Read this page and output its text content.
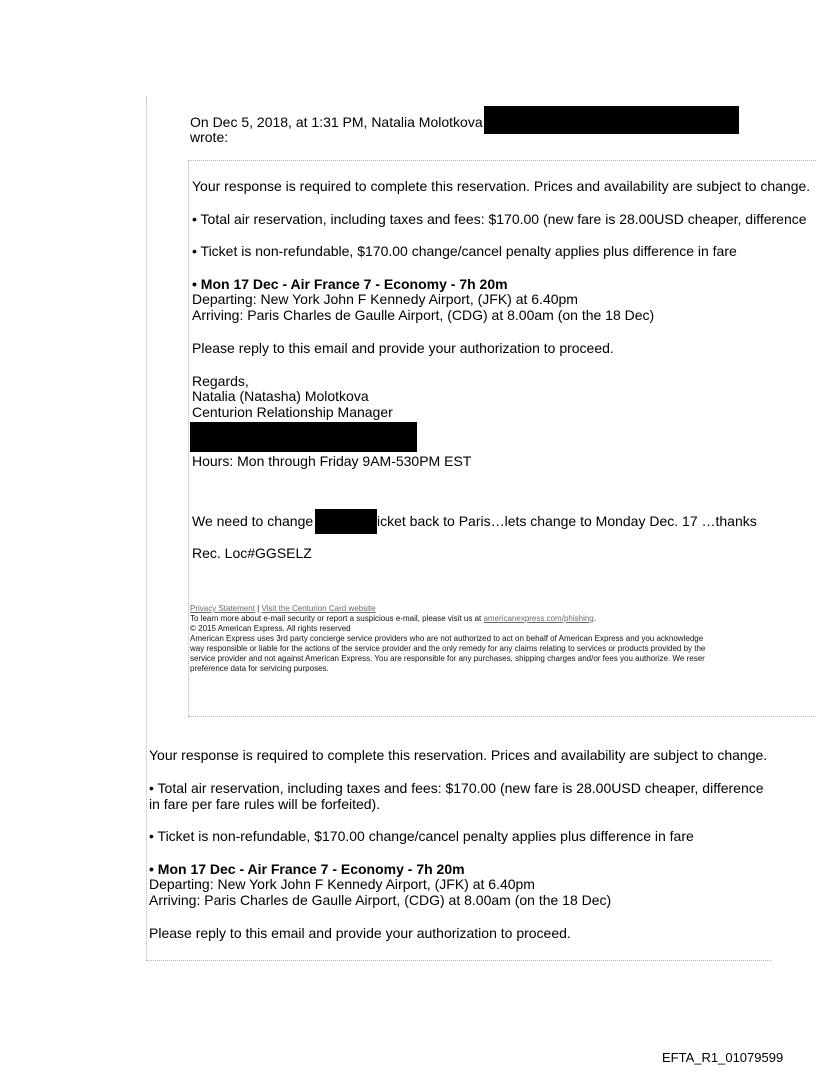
On Dec 5, 2018, at 1:31 PM, Natalia Molotkova
wrote:
Your response is required to complete this reservation. Prices and availability are subject to change.
• Total air reservation, including taxes and fees: $170.00 (new fare is 28.00USD cheaper, difference
• Ticket is non-refundable, $170.00 change/cancel penalty applies plus difference in fare
• Mon 17 Dec - Air France 7 - Economy - 7h 20m
Departing: New York John F Kennedy Airport, (JFK) at 6.40pm
Arriving: Paris Charles de Gaulle Airport, (CDG) at 8.00am (on the 18 Dec)
Please reply to this email and provide your authorization to proceed.
Regards,
Natalia (Natasha) Molotkova
Centurion Relationship Manager
Hours: Mon through Friday 9AM-530PM EST
We need to change	icket back to Paris…lets change to Monday Dec. 17 …thanks
Rec. Loc#GGSELZ
Privacy Statement | Visit the Centurion Card website
To learn more about e-mail security or report a suspicious e-mail, please visit us at americanexpress.com/phishing.
© 2015 American Express. All rights reserved
American Express uses 3rd party concierge service providers who are not authorized to act on behalf of American Express and you acknowledge
way responsible or liable for the actions of the service provider and the only remedy for any claims relating to services or products provided by the
service provider and not against American Express. You are responsible for any purchases, shipping charges and/or fees you authorize. We reser
preference data for servicing purposes.
Your response is required to complete this reservation. Prices and availability are subject to change.
• Total air reservation, including taxes and fees: $170.00 (new fare is 28.00USD cheaper, difference
in fare per fare rules will be forfeited).
• Ticket is non-refundable, $170.00 change/cancel penalty applies plus difference in fare
• Mon 17 Dec - Air France 7 - Economy - 7h 20m
Departing: New York John F Kennedy Airport, (JFK) at 6.40pm
Arriving: Paris Charles de Gaulle Airport, (CDG) at 8.00am (on the 18 Dec)
Please reply to this email and provide your authorization to proceed.
EFTA_R1_01079599
